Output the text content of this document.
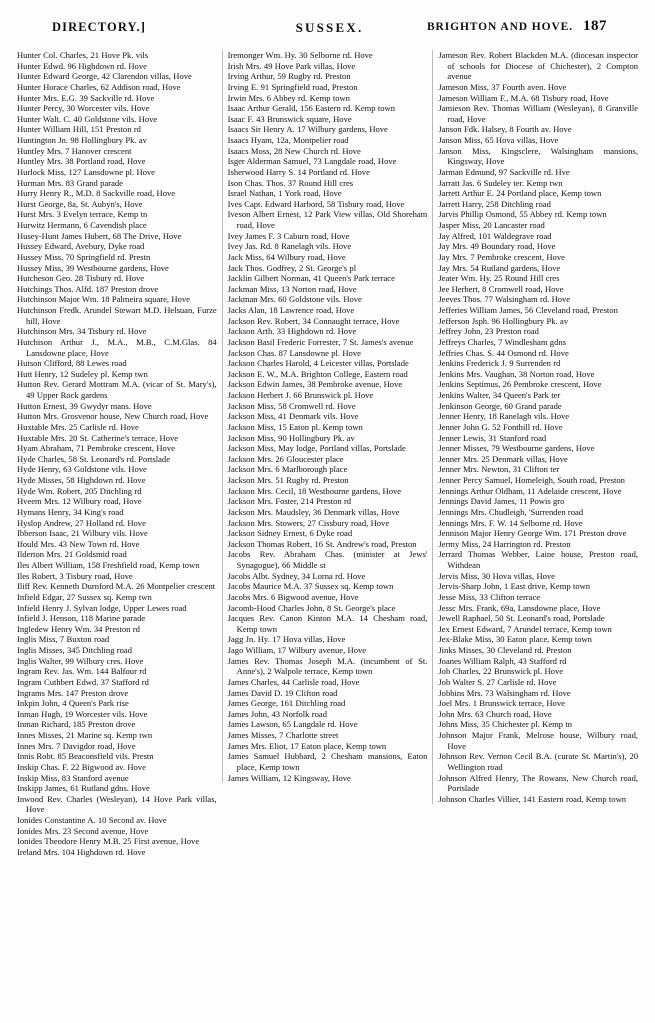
DIRECTORY.]	SUSSEX.	BRIGHTON AND HOVE. 187

Hunter Col. Charles, 21 Hove Pk. vils

Hunter Edwd. 96 Highdown rd. Hove

Hunter Edward George, 42 Clarendon villas, Hove

Hunter Horace Charles, 62 Addison road, Hove

Hunter Mrs. E.G. 39 Sackville rd. Hove

Hunter Percy, 30 Worcester vils. Hove

Hunter Walt. C. 40 Goldstone vils. Hove

Hunter William Hill, 151 Preston rd

Huntington Jn. 98 Hollingbury Pk. av

Huntley Mrs. 7 Hanover crescent

Huntley Mrs. 38 Portland road, Hove

Hurlock Miss, 127 Lansdowne pl. Hove

Hurman Mrs. 83 Grand parade

Hurry Henry R., M.D. 8 Sackville road, Hove

Hurst George, 8a, St. Aubyn's, Hove

Hurst Mrs. 3 Evelyn terrace, Kemp tn

Hurwitz Hermann, 6 Cavendish place

Husey-Hunt James Hubert, 68 The Drive, Hove

Hussey Edward, Avebury, Dyke road

Hussey Miss, 70 Springfield rd. Prestn

Hussey Miss, 39 Westbourne gardens, Hove

Hutcheson Geo. 28 Tisbury rd. Hove

Hutchings Thos. Alfd. 187 Preston drove

Hutchinson Major Wm. 18 Palmeira square, Hove

Hutchinson Fredk. Arundel Stewart M.D. Helsuan, Furze hill, Hove

Hutchinson Mrs. 34 Tisbury rd. Hove

Hutchison Arthur J., M.A., M.B., C.M.Glas. 84 Lansdowne place, Hove

Hutson Clifford, 88 Lewes road

Hutt Henry, 12 Sudeley pl. Kemp twn

Hutton Rev. Gerard Mottram M.A. (vicar of St. Mary's), 49 Upper Rock gardens

Hutton Ernest, 39 Gwydyr mans. Hove

Hutton Mrs. Grosvenor house, New Church road, Hove

Huxtable Mrs. 25 Carlisle rd. Hove

Huxtable Mrs. 20 St. Catherine's terrace, Hove

Hyam Abraham, 71 Pembroke crescent, Hove

Hyde Charles, 58 St. Leonard's rd. Portslade

Hyde Henry, 63 Goldstone vils. Hove

Hyde Misses, 58 Highdown rd. Hove

Hyde Wm. Robert, 205 Ditchling rd

Hveem Mrs. 12 Wilbury road, Hove

Hymans Henry, 34 King's road

Hyslop Andrew, 27 Holland rd. Hove

Ibberson Isaac, 21 Wilbury vils. Hove

Ifould Mrs. 43 New Town rd. Hove

Ilderton Mrs. 21 Goldsmid road

Iles Albert William, 158 Freshfield road, Kemp town

Iles Robert, 3 Tisbury road, Hove

Iliff Rev. Kenneth Durnford M.A. 26 Montpelier crescent

Infield Edgar, 27 Sussex sq. Kemp twn

Infield Henry J. Sylvan lodge, Upper Lewes road

Infield J. Henson, 118 Marine parade

Ingledew Henry Wm. 34 Preston rd

Inglis Miss, 7 Buxton road

Inglis Misses, 345 Ditchling road

Inglis Walter, 99 Wilbury cres. Hove

Ingram Rev. Jas. Wm. 144 Balfour rd

Ingram Cuthbert Edwd. 37 Stafford rd

Ingrams Mrs. 147 Preston drove

Inkpin John, 4 Queen's Park rise

Inman Hugh, 19 Worcester vils. Hove

Inman Richard, 185 Preston drove

Innes Misses, 21 Marine sq. Kemp twn

Innes Mrs. 7 Davigdor road, Hove

Innis Robt. 85 Beaconsfield vils. Prestn

Inskip Chas. F. 22 Bigwood av. Hove

Inskip Miss, 83 Stanford avenue

Inskipp James, 61 Rutland gdns. Hove

Inwood Rev. Charles (Wesleyan), 14 Hove Park villas, Hove

Ionides Constantine A. 10 Second av. Hove

Ionides Mrs. 23 Second avenue, Hove

Ionides Theodore Henry M.B. 25 First avenue, Hove

Ireland Mrs. 104 Highdown rd. Hove

Iremonger Wm. Hy. 30 Selborne rd. Hove

Irish Mrs. 49 Hove Park villas, Hove

Irving Arthur, 59 Rugby rd. Preston

Irving E. 91 Springfield road, Preston

Irwin Mrs. 6 Abbey rd. Kemp town

Isaac Arthur Gerald, 156 Eastern rd. Kemp town

Isaac F. 43 Brunswick square, Hove

Isaacs Sir Henry A. 17 Wilbury gardens, Hove

Isaacs Hyam, 12a, Montpelier road

Isaacs Moss, 28 New Church rd. Hove

Isger Alderman Samuel, 73 Langdale road, Hove

Isherwood Harry S. 14 Portland rd. Hove

Ison Chas. Thos. 37 Round Hill cres

Israel Nathan, 1 York road, Hove

Ives Capt. Edward Harbord, 58 Tisbury road, Hove

Iveson Albert Ernest, 12 Park View villas, Old Shoreham road, Hove

Ivey James F. 3 Caburn road, Hove

Ivey Jas. Rd. 8 Ranelagh vils. Hove

Jack Miss, 64 Wilbury road, Hove

Jack Thos. Godfrey, 2 St. George's pl

Jacklin Gilbert Norman, 41 Queen's Park terrace

Jackman Miss, 13 Norton road, Hove

Jackman Mrs. 60 Goldstone vils. Hove

Jacks Alan, 18 Lawrence road, Hove

Jackson Rev. Robert, 34 Connaught terrace, Hove

Jackson Arth. 33 Highdown rd. Hove

Jackson Basil Frederic Forrester, 7 St. James's avenue

Jackson Chas. 87 Lansdowne pl. Hove

Jackson Charles Harold, 4 Leicester villas, Portslade

Jackson E. W., M.A. Brighton College, Eastern road

Jackson Edwin James, 38 Pembroke avenue, Hove

Jackson Herbert J. 66 Brunswick pl. Hove

Jackson Miss, 58 Cromwell rd. Hove

Jackson Miss, 41 Denmark vils. Hove

Jackson Miss, 15 Eaton pl. Kemp town

Jackson Miss, 90 Hollingbury Pk. av

Jackson Miss, May lodge, Portland villas, Portslade

Jackson Mrs. 26 Gloucester place

Jackson Mrs. 6 Marlborough place

Jackson Mrs. 51 Rugby rd. Preston

Jackson Mrs. Cecil, 18 Westbourne gardens, Hove

Jackson Mrs. Foster, 214 Preston rd

Jackson Mrs. Maudsley, 36 Denmark villas, Hove

Jackson Mrs. Stowers, 27 Cissbury road, Hove

Jackson Sidney Ernest, 6 Dyke road

Jackson Thomas Robert, 16 St. Andrew's road, Preston

Jacobs Rev. Abraham Chas. (minister at Jews' Synagogue), 66 Middle st

Jacobs Albt. Sydney, 34 Lorna rd. Hove

Jacobs Maurice M.A. 37 Sussex sq. Kemp town

Jacobs Mrs. 6 Bigwood avenue, Hove

Jacomb-Hood Charles John, 8 St. George's place

Jacques Rev. Canon Kinton M.A. 14 Chesham road, Kemp town

Jagg Jn. Hy. 17 Hova villas, Hove

Jago William, 17 Wilbury avenue, Hove

James Rev. Thomas Joseph M.A. (incumbent of St. Anne's), 2 Walpole terrace, Kemp town

James Charles, 44 Carlisle road, Hove

James David D. 19 Clifton road

James George, 161 Ditchling road

James John, 43 Norfolk road

James Lawson, 65 Langdale rd. Hove

James Misses, 7 Charlotte street

James Mrs. Eliot, 17 Eaton place, Kemp town

James Samuel Hubbard, 2 Chesham mansions, Eaton place, Kemp town

James William, 12 Kingsway, Hove

Jameson Rev. Robert Blackden M.A. (diocesan inspector of schools for Diocese of Chichester), 2 Compton avenue

Jameson Miss, 37 Fourth aven. Hove

Jameson William F., M.A. 68 Tisbury road, Hove

Jamieson Rev. Thomas William (Wesleyan), 8 Granville road, Hove

Janson Fdk. Halsey, 8 Fourth av. Hove

Janson Miss, 65 Hova villas, Hove

Janson Miss, Kingsclere, Walsingham mansions, Kingsway, Hove

Jarman Edmund, 97 Sackville rd. Hve

Jarratt Jas. 6 Sudeley ter. Kemp twn

Jarrett Arthur E. 24 Portland place, Kemp town

Jarrett Harry, 258 Ditchling road

Jarvis Phillip Osmond, 55 Abbey rd. Kemp town

Jasper Miss, 20 Lancaster road

Jay Alfred, 101 Waldegrave road

Jay Mrs. 49 Boundary road, Hove

Jay Mrs. 7 Pembroke crescent, Hove

Jay Mrs. 54 Rutland gardens, Hove

Jeater Wm. Hy. 25 Round Hill cres

Jee Herbert, 8 Cromwell road, Hove

Jeeves Thos. 77 Walsingham rd. Hove

Jefferies William James, 56 Cleveland road, Preston

Jefferson Jsph. 96 Hollingbury Pk. av

Jeffrey John, 23 Preston road

Jeffreys Charles, 7 Windlesham gdns

Jeffries Chas. S. 44 Osmond rd. Hove

Jenkins Frederick J. 9 Surrenden rd

Jenkins Mrs. Vaughan, 38 Norton road, Hove

Jenkins Septimus, 26 Pembroke crescent, Hove

Jenkins Walter, 34 Queen's Park ter

Jenkinson George, 60 Grand parade

Jenner Henry, 18 Ranelagh vils. Hove

Jenner John G. 52 Fonthill rd. Hove

Jenner Lewis, 31 Stanford road

Jenner Misses, 79 Westbourne gardens, Hove

Jenner Mrs. 25 Denmark villas, Hove

Jenner Mrs. Newton, 31 Clifton ter

Jenner Percy Samuel, Homeleigh, South road, Preston

Jennings Arthur Oldham, 11 Adelaide crescent, Hove

Jennings David James, 11 Powis gro

Jennings Mrs. Chudleigh, 'Surrenden road

Jennings Mrs. F. W. 14 Selborne rd. Hove

Jennison Major Henry George Wm. 171 Preston drove

Jermy Miss, 24 Harrington rd. Preston

Jerrard Thomas Webber, Laine house, Preston road, Withdean

Jervis Miss, 30 Hova villas, Hove

Jervis-Sharp John, 1 East drive, Kemp town

Jesse Miss, 33 Clifton terrace

Jessc Mrs. Frank, 69a, Lansdowne place, Hove

Jewell Raphael, 50 St. Leonard's road, Portslade

Jex Ernest Edward, 7 Arundel terrace, Kemp town

Jex-Blake Miss, 30 Eaton place, Kemp town

Jinks Misses, 30 Cleveland rd. Preston

Joanes William Ralph, 43 Stafford rd

Job Charles, 22 Brunswick pl. Hove

Job Walter S. 27 Carlisle rd. Hove

Jobbins Mrs. 73 Walsingham rd. Hove

Joel Mrs. 1 Brunswick terrace, Hove

John Mrs. 63 Church road, Hove

Johns Miss, 35 Chichester pl. Kemp tn

Johnson Major Frank, Melrose house, Wilbury road, Hove

Johnson Rev. Vernon Cecil B.A. (curate St. Martin's), 20 Wellington road

Johnson Alfred Henry, The Rowans, New Church road, Portslade

Johnson Charles Villier, 141 Eastern road, Kemp town
